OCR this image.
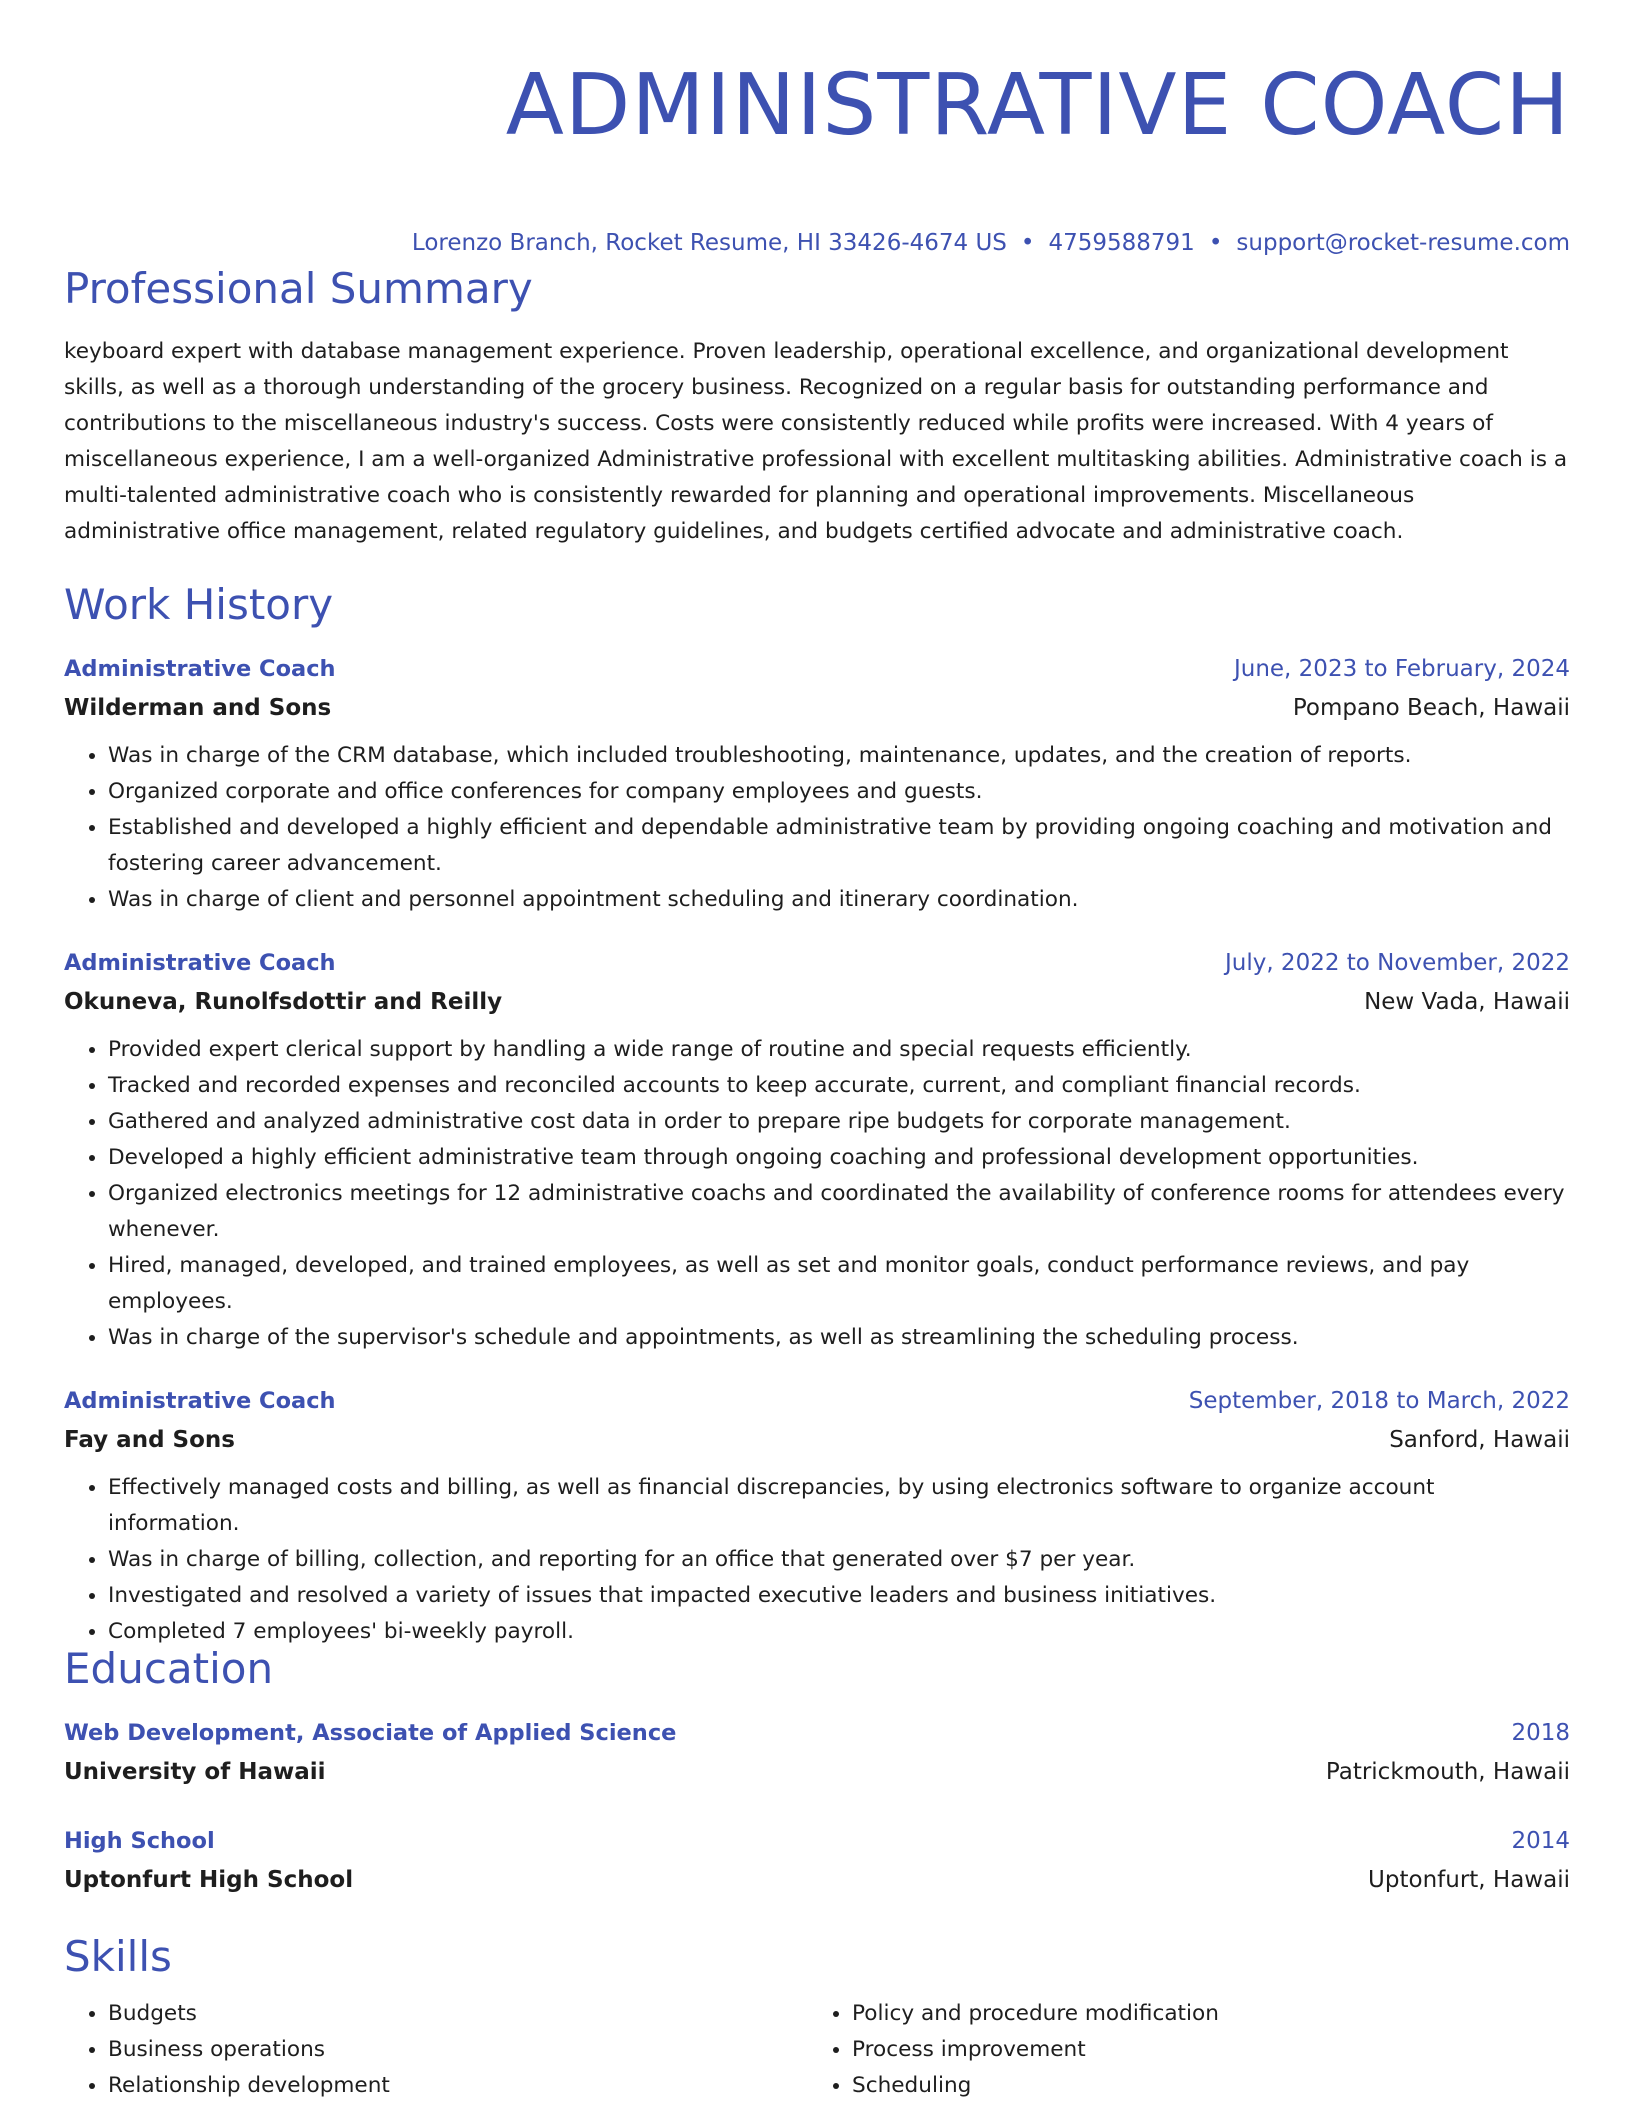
ADMINISTRATIVE COACH
Lorenzo Branch, Rocket Resume, HI 33426-4674 US • 4759588791 • support@rocket-resume.com
Professional Summary
keyboard expert with database management experience. Proven leadership, operational excellence, and organizational development skills, as well as a thorough understanding of the grocery business. Recognized on a regular basis for outstanding performance and contributions to the miscellaneous industry's success. Costs were consistently reduced while profits were increased. With 4 years of miscellaneous experience, I am a well-organized Administrative professional with excellent multitasking abilities. Administrative coach is a multi-talented administrative coach who is consistently rewarded for planning and operational improvements. Miscellaneous administrative office management, related regulatory guidelines, and budgets certified advocate and administrative coach.
Work History
Administrative Coach	June, 2023 to February, 2024
Wilderman and Sons	Pompano Beach, Hawaii
• Was in charge of the CRM database, which included troubleshooting, maintenance, updates, and the creation of reports.
• Organized corporate and office conferences for company employees and guests.
• Established and developed a highly efficient and dependable administrative team by providing ongoing coaching and motivation and fostering career advancement.
• Was in charge of client and personnel appointment scheduling and itinerary coordination.
Administrative Coach	July, 2022 to November, 2022
Okuneva, Runolfsdottir and Reilly	New Vada, Hawaii
• Provided expert clerical support by handling a wide range of routine and special requests efficiently.
• Tracked and recorded expenses and reconciled accounts to keep accurate, current, and compliant financial records.
• Gathered and analyzed administrative cost data in order to prepare ripe budgets for corporate management.
• Developed a highly efficient administrative team through ongoing coaching and professional development opportunities.
• Organized electronics meetings for 12 administrative coachs and coordinated the availability of conference rooms for attendees every whenever.
• Hired, managed, developed, and trained employees, as well as set and monitor goals, conduct performance reviews, and pay employees.
• Was in charge of the supervisor's schedule and appointments, as well as streamlining the scheduling process.
Administrative Coach	September, 2018 to March, 2022
Fay and Sons	Sanford, Hawaii
• Effectively managed costs and billing, as well as financial discrepancies, by using electronics software to organize account information.
• Was in charge of billing, collection, and reporting for an office that generated over $7 per year.
• Investigated and resolved a variety of issues that impacted executive leaders and business initiatives.
• Completed 7 employees' bi-weekly payroll.
Education
Web Development, Associate of Applied Science	2018
University of Hawaii	Patrickmouth, Hawaii
High School	2014
Uptonfurt High School	Uptonfurt, Hawaii
Skills
• Budgets
• Business operations
• Relationship development
• Policy and procedure modification
• Process improvement
• Scheduling
